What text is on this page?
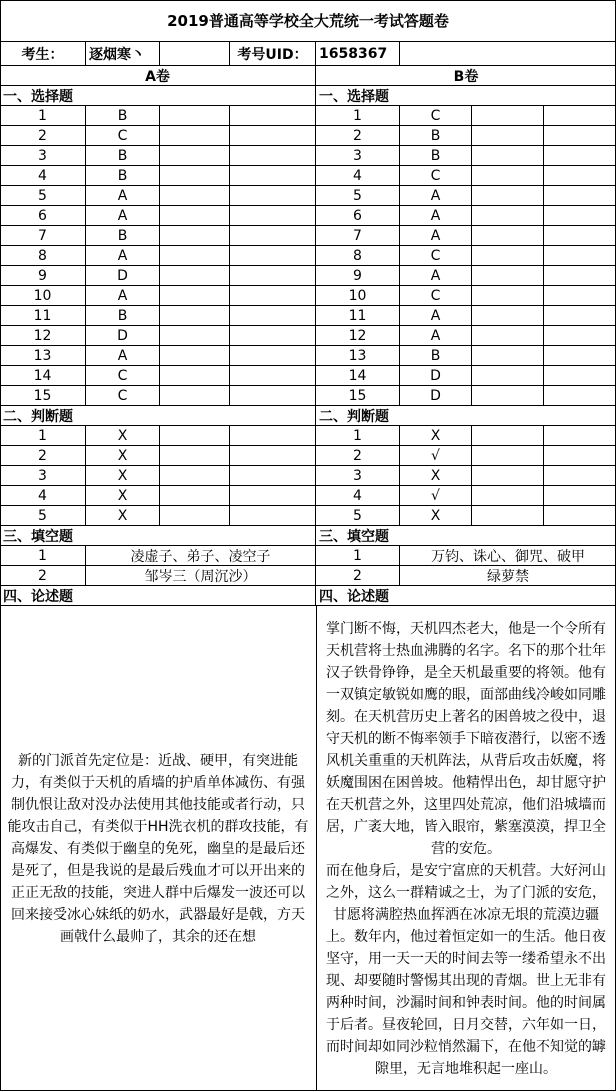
2019普通高等学校全大荒统一考试答题卷
考生：	逐烟寒丶	考号UID： 1658367
A卷	B卷
一、选择题	一、选择题
1	B	1	C
2	C	2	B
3	B	3	B
4	B	4	C
5	A	5	A
6	A	6	A
7	B	7	A
8	A	8	C
9	D	9	A
10	A	10	C
11	B	11	A
12	D	12	A
13	A	13	B
14	C	14	D
15	C	15	D
二、判断题	二、判断题
1	X	1	X
2	X	2	√
3	X	3	X
4	X	4	√
5	X	5	X
三、填空题	三、填空题
1	凌虚子、弟子、凌空子	1	万钧、诛心、御咒、破甲
2	邹岑三（周沉沙）	2	绿萝禁
四、论述题	四、论述题
新的门派首先定位是：近战、硬甲，有突进能力，有类似于天机的盾墙的护盾单体减伤、有强制仇恨让敌对没办法使用其他技能或者行动，只能攻击自己，有类似于HH洗衣机的群攻技能，有高爆发、有类似于幽皇的免死，幽皇的是最后还是死了，但是我说的是最后残血才可以开出来的正正无敌的技能，突进人群中后爆发一波还可以回来接受冰心妹纸的奶水，武器最好是戟，方天画戟什么最帅了，其余的还在想
掌门断不悔，天机四杰老大，他是一个令所有天机营将士热血沸腾的名字。名下的那个壮年汉子铁骨铮铮，是全天机最重要的将领。他有一双镇定敏锐如鹰的眼，面部曲线冷峻如同雕刻。在天机营历史上著名的困兽坡之役中，退守天机的断不悔率领手下暗夜潜行，以密不透风机关重重的天机阵法，从背后攻击妖魔，将妖魔围困在困兽坡。他精悍出色，却甘愿守护在天机营之外，这里四处荒凉，他们沿城墙而居，广袤大地，皆入眼帘，紫塞漠漠，捍卫全营的安危。
而在他身后，是安宁富庶的天机营。大好河山之外，这么一群精诚之士，为了门派的安危，甘愿将满腔热血挥洒在冰凉无垠的荒漠边疆上。数年内，他过着恒定如一的生活。他日夜坚守，用一天一天的时间去等一缕希望永不出现、却要随时警惕其出现的青烟。世上无非有两种时间，沙漏时间和钟表时间。他的时间属于后者。昼夜轮回，日月交替，六年如一日，而时间却如同沙粒悄然漏下，在他不知觉的罅隙里，无言地堆积起一座山。
